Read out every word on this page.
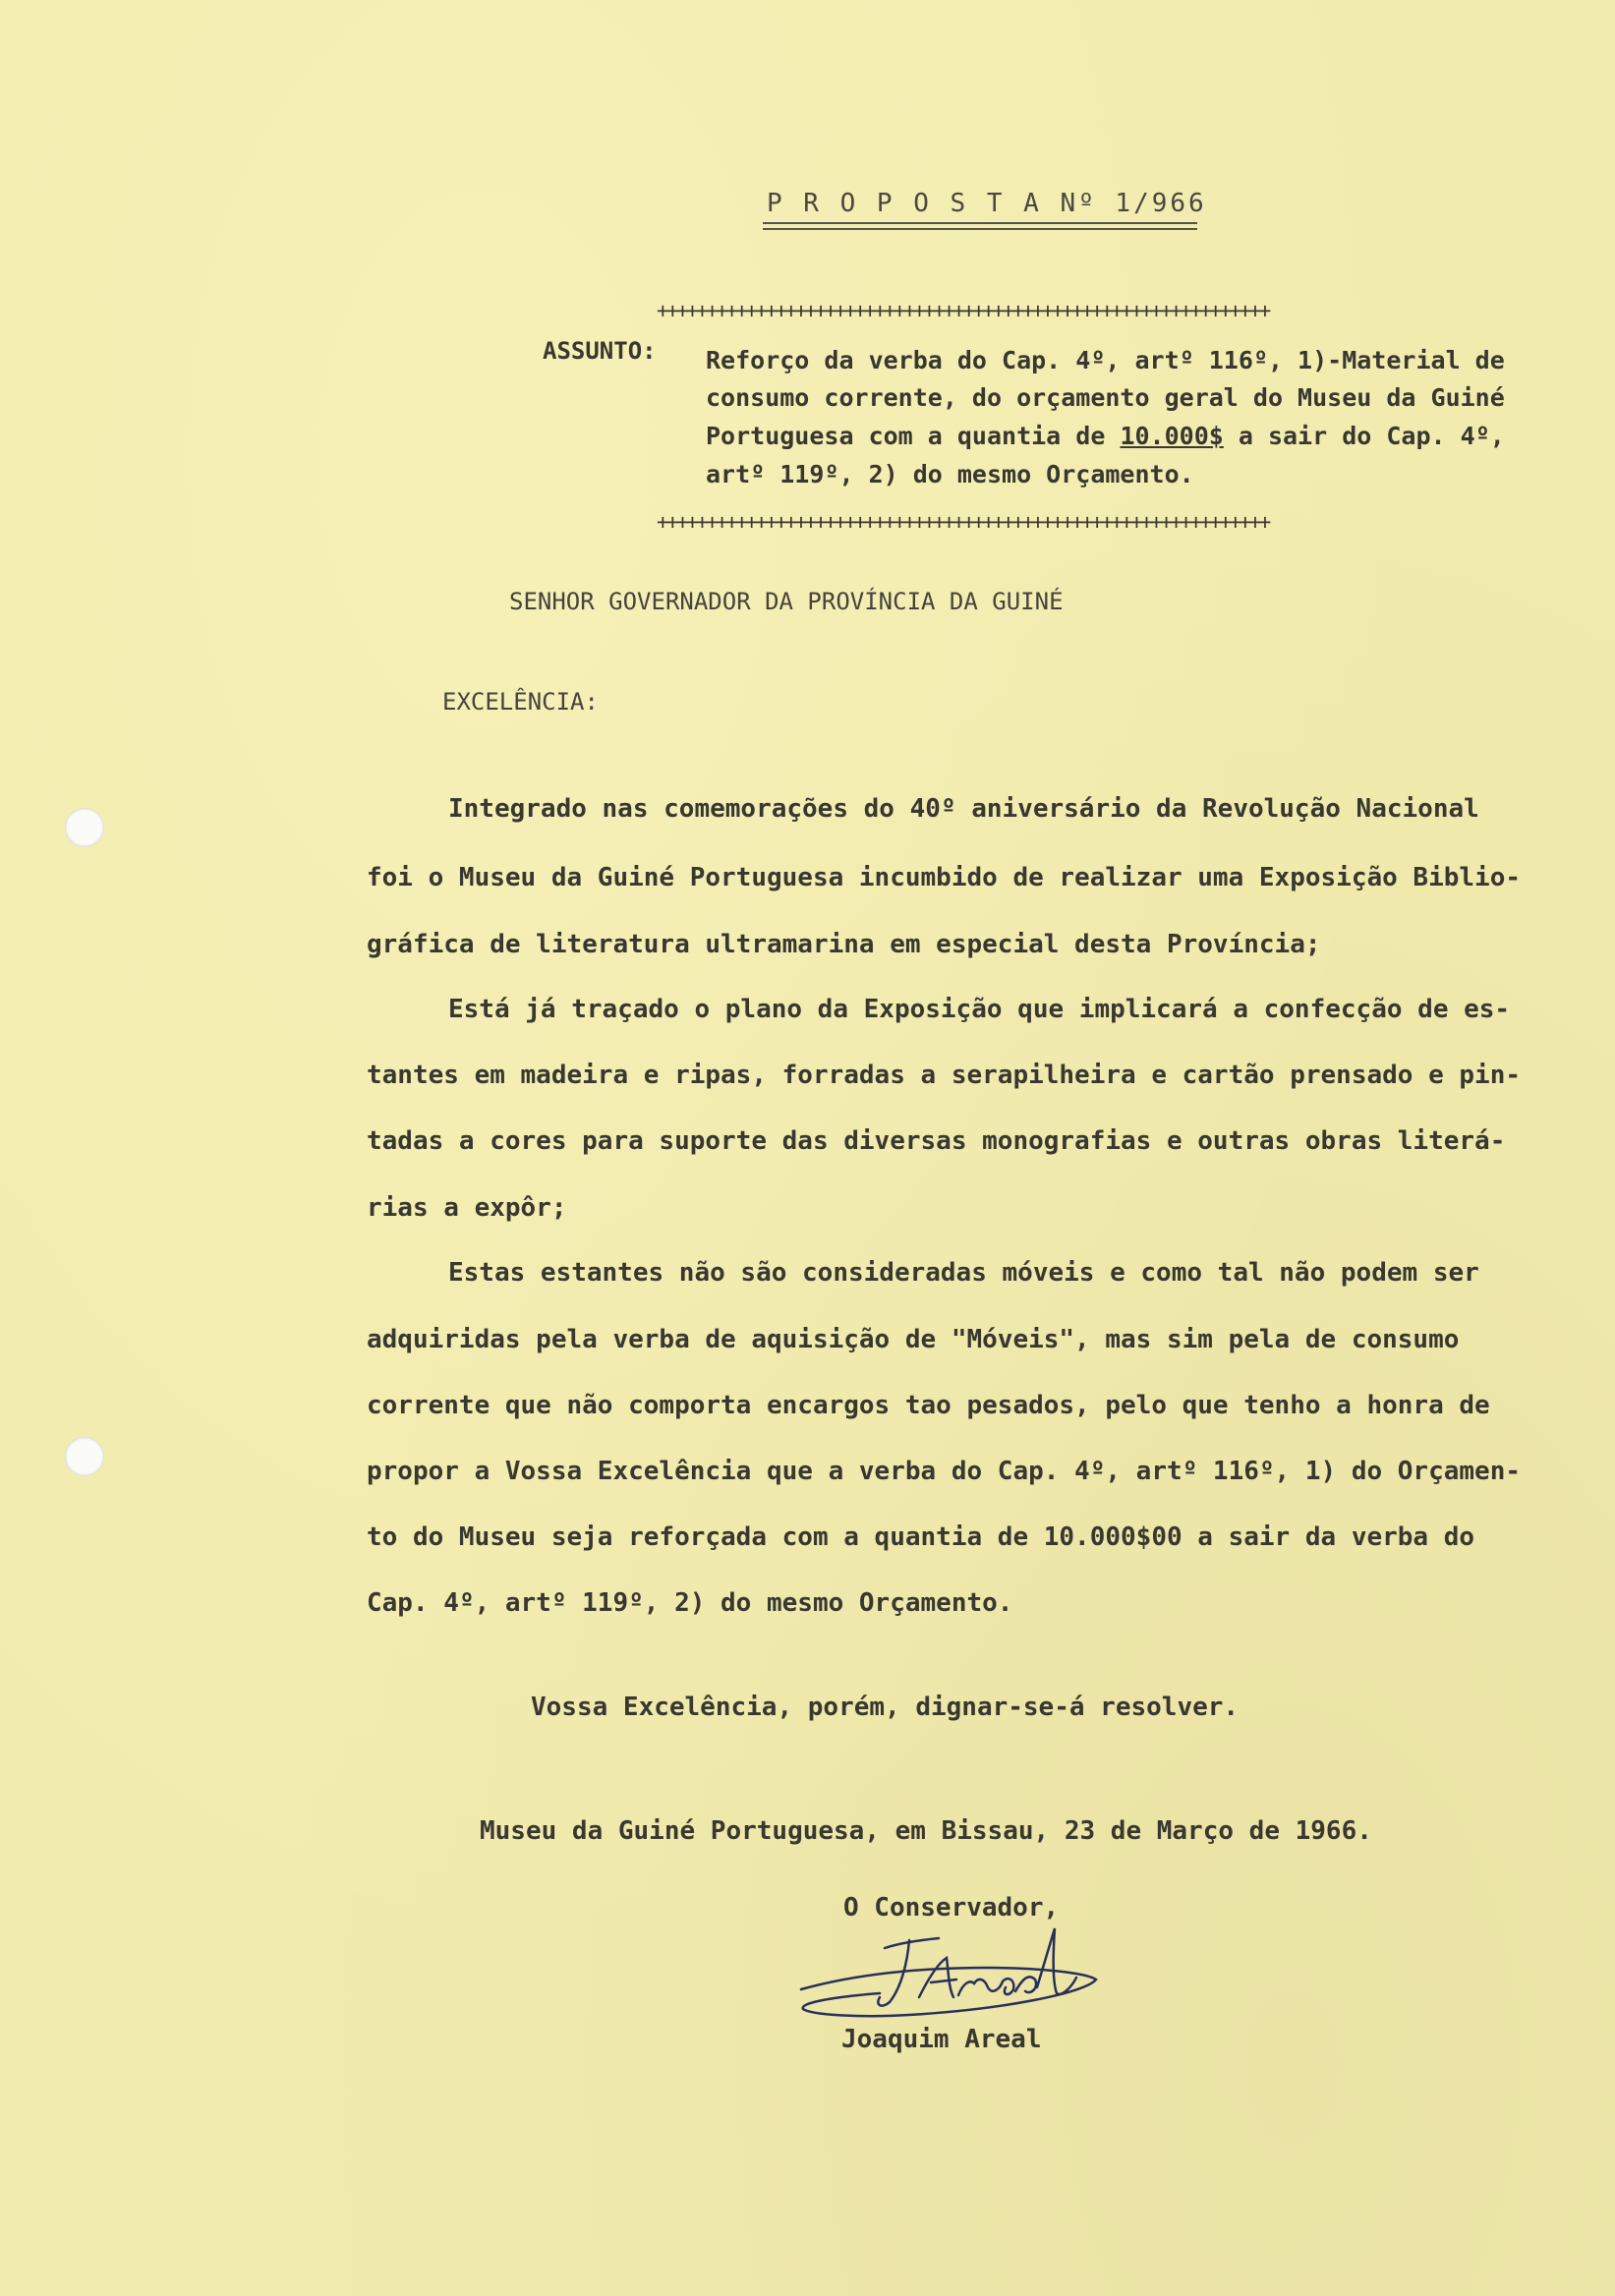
P R O P O S T A Nº 1/966
++++++++++++++++++++++++++++++++++++++++++++++++++++++++++++++
ASSUNTO: Reforço da verba do Cap. 4º, artº 116º, 1)-Material de
consumo corrente, do orçamento geral do Museu da Guiné
Portuguesa com a quantia de 10.000$ a sair do Cap. 4º,
artº 119º, 2) do mesmo Orçamento.
++++++++++++++++++++++++++++++++++++++++++++++++++++++++++++++
SENHOR GOVERNADOR DA PROVÍNCIA DA GUINÉ
EXCELÊNCIA:
Integrado nas comemorações do 40º aniversário da Revolução Nacional
foi o Museu da Guiné Portuguesa incumbido de realizar uma Exposição Biblio-
gráfica de literatura ultramarina em especial desta Província;
Está já traçado o plano da Exposição que implicará a confecção de es-
tantes em madeira e ripas, forradas a serapilheira e cartão prensado e pin-
tadas a cores para suporte das diversas monografias e outras obras literá-
rias a expôr;
Estas estantes não são consideradas móveis e como tal não podem ser
adquiridas pela verba de aquisição de "Móveis", mas sim pela de consumo
corrente que não comporta encargos tao pesados, pelo que tenho a honra de
propor a Vossa Excelência que a verba do Cap. 4º, artº 116º, 1) do Orçamen-
to do Museu seja reforçada com a quantia de 10.000$00 a sair da verba do
Cap. 4º, artº 119º, 2) do mesmo Orçamento.
Vossa Excelência, porém, dignar-se-á resolver.
Museu da Guiné Portuguesa, em Bissau, 23 de Março de 1966.
O Conservador,
Joaquim Areal
